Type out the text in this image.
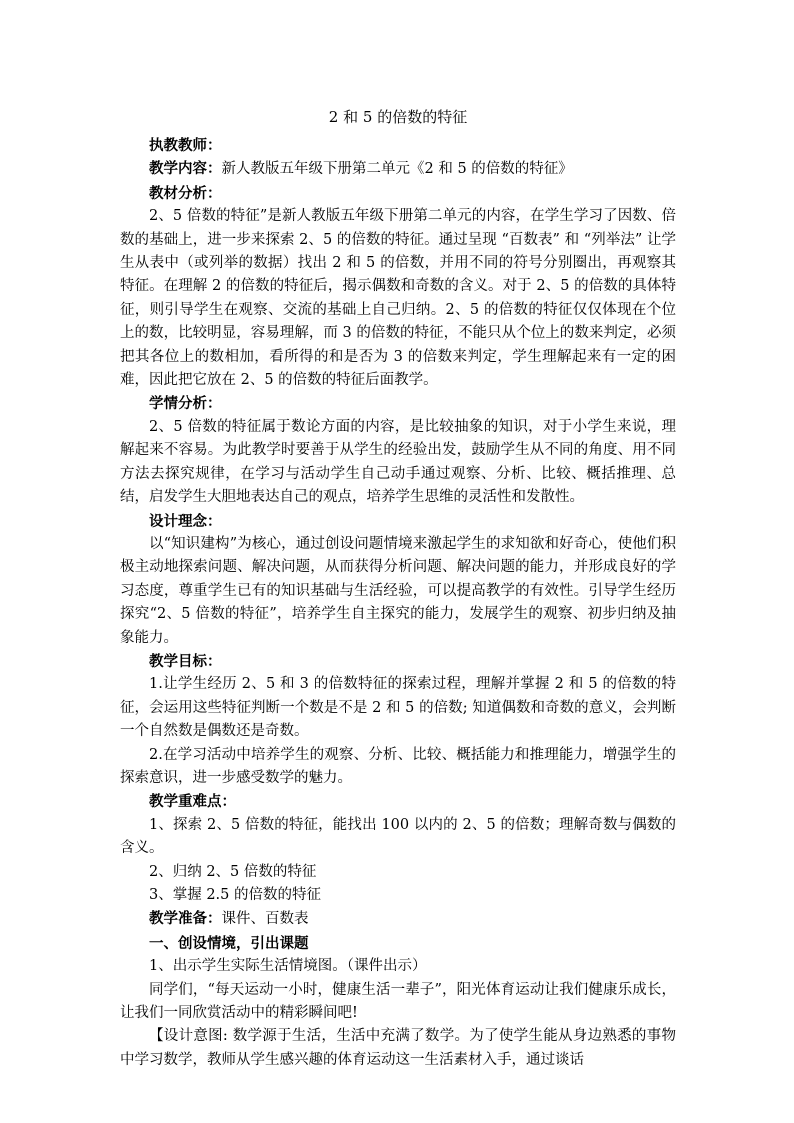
2 和 5 的倍数的特征

执教教师：

教学内容：新人教版五年级下册第二单元《2 和 5 的倍数的特征》

教材分析：

2、5 倍数的特征”是新人教版五年级下册第二单元的内容，在学生学习了因数、倍数的基础上，进一步来探索 2、5 的倍数的特征。通过呈现 “百数表” 和 “列举法” 让学生从表中（或列举的数据）找出 2 和 5 的倍数，并用不同的符号分别圈出，再观察其特征。在理解 2 的倍数的特征后，揭示偶数和奇数的含义。对于 2、5 的倍数的具体特征，则引导学生在观察、交流的基础上自己归纳。2、5 的倍数的特征仅仅体现在个位上的数，比较明显，容易理解，而 3 的倍数的特征，不能只从个位上的数来判定，必须把其各位上的数相加，看所得的和是否为 3 的倍数来判定，学生理解起来有一定的困难，因此把它放在 2、5 的倍数的特征后面教学。

学情分析：

2、5 倍数的特征属于数论方面的内容，是比较抽象的知识，对于小学生来说，理解起来不容易。为此教学时要善于从学生的经验出发，鼓励学生从不同的角度、用不同方法去探究规律，在学习与活动学生自己动手通过观察、分析、比较、概括推理、总结，启发学生大胆地表达自己的观点，培养学生思维的灵活性和发散性。

设计理念：

以“知识建构”为核心，通过创设问题情境来激起学生的求知欲和好奇心，使他们积极主动地探索问题、解决问题，从而获得分析问题、解决问题的能力，并形成良好的学习态度，尊重学生已有的知识基础与生活经验，可以提高教学的有效性。引导学生经历探究“2、5 倍数的特征”，培养学生自主探究的能力，发展学生的观察、初步归纳及抽象能力。

教学目标：

1.让学生经历 2、5 和 3 的倍数特征的探索过程，理解并掌握 2 和 5 的倍数的特征，会运用这些特征判断一个数是不是 2 和 5 的倍数; 知道偶数和奇数的意义，会判断一个自然数是偶数还是奇数。

2.在学习活动中培养学生的观察、分析、比较、概括能力和推理能力，增强学生的探索意识，进一步感受数学的魅力。

教学重难点：

1、探索 2、5 倍数的特征，能找出 100 以内的 2、5 的倍数；理解奇数与偶数的含义。

2、归纳 2、5 倍数的特征

3、掌握 2.5 的倍数的特征

教学准备：课件、百数表

一、创设情境，引出课题

1、出示学生实际生活情境图。（课件出示）

同学们，“每天运动一小时，健康生活一辈子”，阳光体育运动让我们健康乐成长，让我们一同欣赏活动中的精彩瞬间吧!

【设计意图: 数学源于生活，生活中充满了数学。为了使学生能从身边熟悉的事物中学习数学，教师从学生感兴趣的体育运动这一生活素材入手，通过谈话
